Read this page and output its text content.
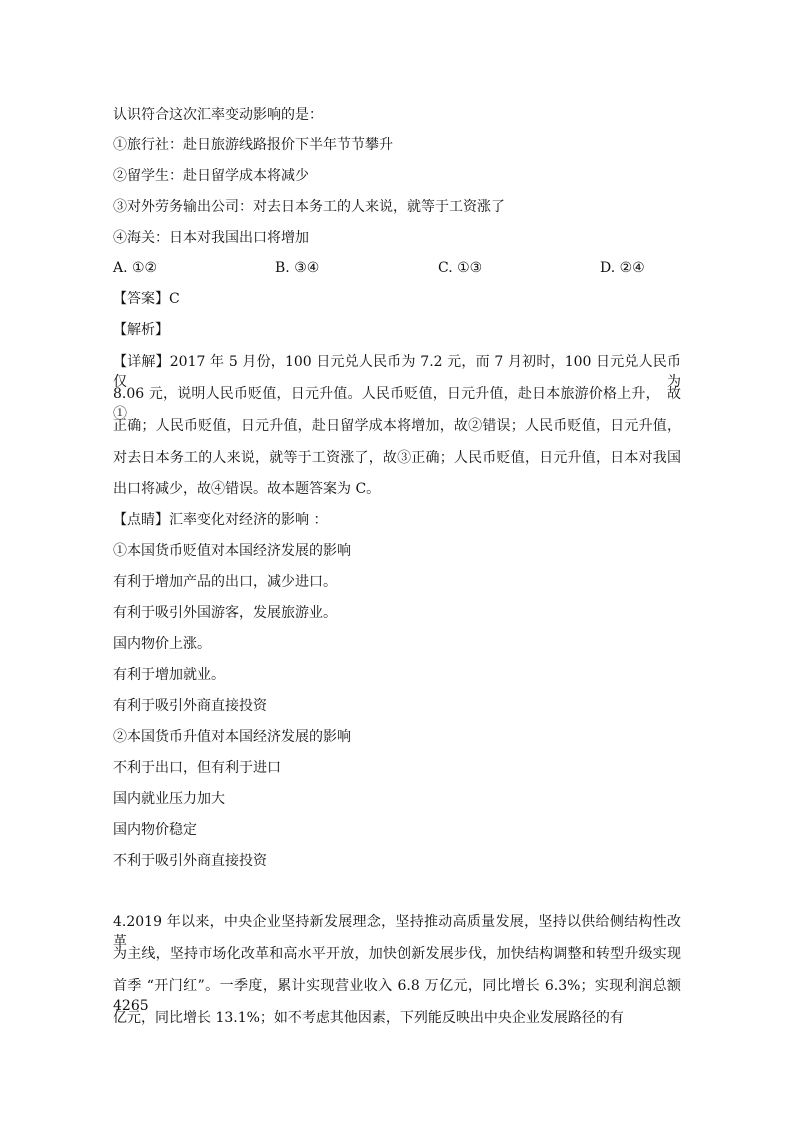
认识符合这次汇率变动影响的是：
①旅行社：赴日旅游线路报价下半年节节攀升
②留学生：赴日留学成本将减少
③对外劳务输出公司：对去日本务工的人来说，就等于工资涨了
④海关：日本对我国出口将增加
A. ①②	B. ③④	C. ①③	D. ②④
【答案】C
【解析】
【详解】2017 年 5 月份，100 日元兑人民币为 7.2 元，而 7 月初时，100 日元兑人民币仅为
8.06 元，说明人民币贬值，日元升值。人民币贬值，日元升值，赴日本旅游价格上升，　故①
正确；人民币贬值，日元升值，赴日留学成本将增加，故②错误；人民币贬值，日元升值，
对去日本务工的人来说，就等于工资涨了，故③正确；人民币贬值，日元升值，日本对我国
出口将减少，故④错误。故本题答案为 C。
【点睛】汇率变化对经济的影响 ：
①本国货币贬值对本国经济发展的影响
有利于增加产品的出口，减少进口。
有利于吸引外国游客，发展旅游业。
国内物价上涨。
有利于增加就业。
有利于吸引外商直接投资
②本国货币升值对本国经济发展的影响
不利于出口，但有利于进口
国内就业压力加大
国内物价稳定
不利于吸引外商直接投资
4.2019 年以来，中央企业坚持新发展理念，坚持推动高质量发展，坚持以供给侧结构性改革
为主线，坚持市场化改革和高水平开放，加快创新发展步伐，加快结构调整和转型升级实现
首季 “开门红”。一季度，累计实现营业收入 6.8 万亿元，同比增长 6.3%；实现利润总额 4265
亿元，同比增长 13.1%；如不考虑其他因素，下列能反映出中央企业发展路径的有
